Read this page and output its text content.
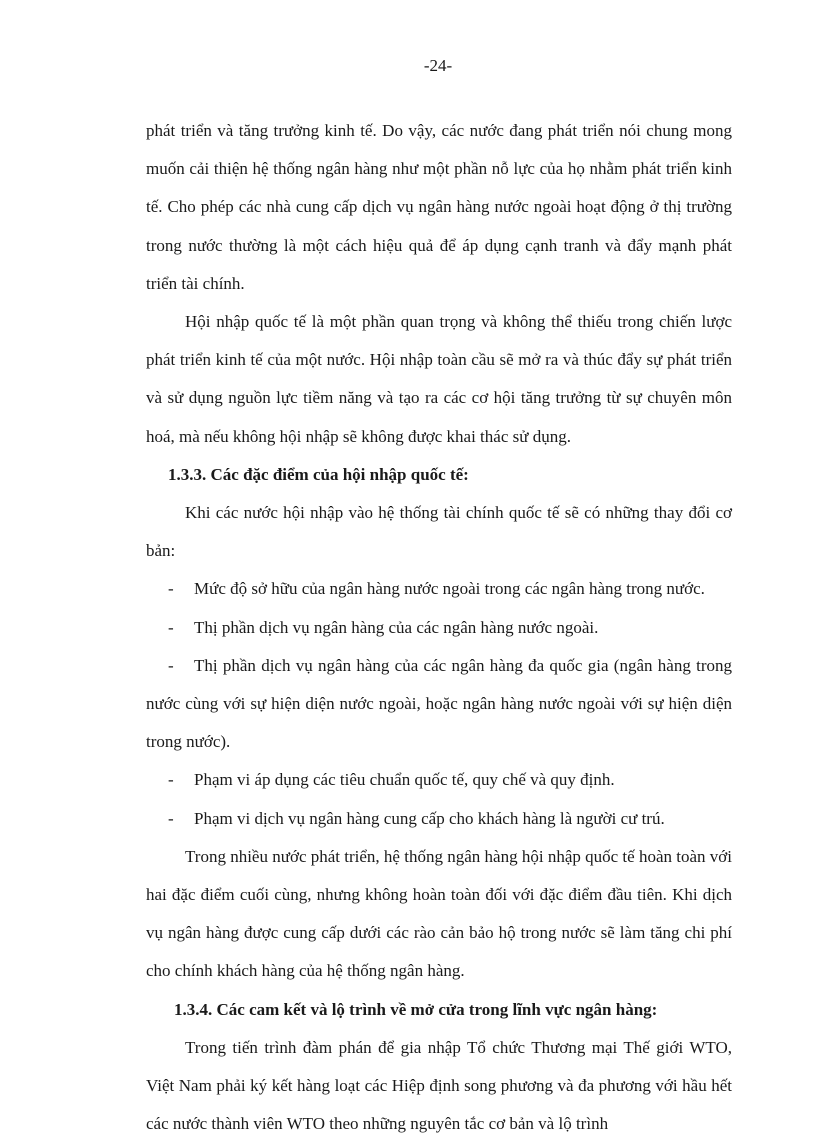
-24-

phát triển và tăng trưởng kinh tế. Do vậy, các nước đang phát triển nói chung mong muốn cải thiện hệ thống ngân hàng như một phần nỗ lực của họ nhằm phát triển kinh tế. Cho phép các nhà cung cấp dịch vụ ngân hàng nước ngoài hoạt động ở thị trường trong nước thường là một cách hiệu quả để áp dụng cạnh tranh và đẩy mạnh phát triển tài chính.

Hội nhập quốc tế là một phần quan trọng và không thể thiếu trong chiến lược phát triển kinh tế của một nước. Hội nhập toàn cầu sẽ mở ra và thúc đẩy sự phát triển và sử dụng nguồn lực tiềm năng và tạo ra các cơ hội tăng trưởng từ sự chuyên môn hoá, mà nếu không hội nhập sẽ không được khai thác sử dụng.

1.3.3. Các đặc điểm của hội nhập quốc tế:

Khi các nước hội nhập vào hệ thống tài chính quốc tế sẽ có những thay đổi cơ bản:

- Mức độ sở hữu của ngân hàng nước ngoài trong các ngân hàng trong nước.
- Thị phần dịch vụ ngân hàng của các ngân hàng nước ngoài.
- Thị phần dịch vụ ngân hàng của các ngân hàng đa quốc gia (ngân hàng trong nước cùng với sự hiện diện nước ngoài, hoặc ngân hàng nước ngoài với sự hiện diện trong nước).
- Phạm vi áp dụng các tiêu chuẩn quốc tế, quy chế và quy định.
- Phạm vi dịch vụ ngân hàng cung cấp cho khách hàng là người cư trú.

Trong nhiều nước phát triển, hệ thống ngân hàng hội nhập quốc tế hoàn toàn với hai đặc điểm cuối cùng, nhưng không hoàn toàn đối với đặc điểm đầu tiên. Khi dịch vụ ngân hàng được cung cấp dưới các rào cản bảo hộ trong nước sẽ làm tăng chi phí cho chính khách hàng của hệ thống ngân hàng.

1.3.4. Các cam kết và lộ trình về mở cửa trong lĩnh vực ngân hàng:

Trong tiến trình đàm phán để gia nhập Tổ chức Thương mại Thế giới WTO, Việt Nam phải ký kết hàng loạt các Hiệp định song phương và đa phương với hầu hết các nước thành viên WTO theo những nguyên tắc cơ bản và lộ trình
